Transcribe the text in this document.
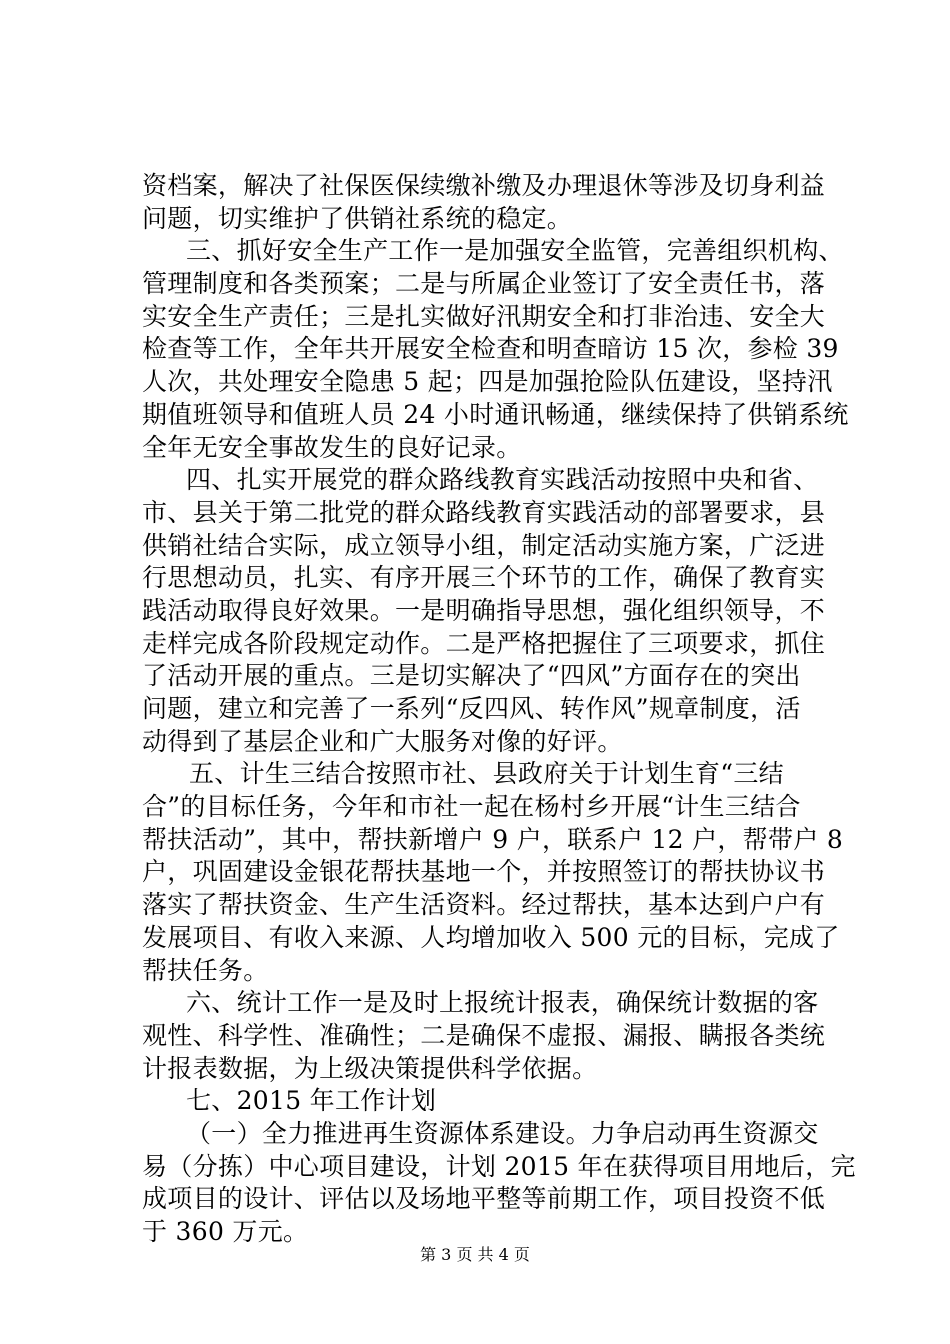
资档案，解决了社保医保续缴补缴及办理退休等涉及切身利益
问题，切实维护了供销社系统的稳定。
三、抓好安全生产工作一是加强安全监管，完善组织机构、
管理制度和各类预案；二是与所属企业签订了安全责任书，落
实安全生产责任；三是扎实做好汛期安全和打非治违、安全大
检查等工作，全年共开展安全检查和明查暗访 15 次，参检 39
人次，共处理安全隐患 5 起；四是加强抢险队伍建设，坚持汛
期值班领导和值班人员 24 小时通讯畅通，继续保持了供销系统
全年无安全事故发生的良好记录。
四、扎实开展党的群众路线教育实践活动按照中央和省、
市、县关于第二批党的群众路线教育实践活动的部署要求，县
供销社结合实际，成立领导小组，制定活动实施方案，广泛进
行思想动员，扎实、有序开展三个环节的工作，确保了教育实
践活动取得良好效果。一是明确指导思想，强化组织领导，不
走样完成各阶段规定动作。二是严格把握住了三项要求，抓住
了活动开展的重点。三是切实解决了“四风”方面存在的突出
问题，建立和完善了一系列“反四风、转作风”规章制度，活
动得到了基层企业和广大服务对像的好评。
五、计生三结合按照市社、县政府关于计划生育“三结
合”的目标任务，今年和市社一起在杨村乡开展“计生三结合
帮扶活动”，其中，帮扶新增户 9 户，联系户 12 户，帮带户 8
户，巩固建设金银花帮扶基地一个，并按照签订的帮扶协议书
落实了帮扶资金、生产生活资料。经过帮扶，基本达到户户有
发展项目、有收入来源、人均增加收入 500 元的目标，完成了
帮扶任务。
六、统计工作一是及时上报统计报表，确保统计数据的客
观性、科学性、准确性；二是确保不虚报、漏报、瞒报各类统
计报表数据，为上级决策提供科学依据。
七、2015 年工作计划
（一）全力推进再生资源体系建设。力争启动再生资源交
易（分拣）中心项目建设，计划 2015 年在获得项目用地后，完
成项目的设计、评估以及场地平整等前期工作，项目投资不低
于 360 万元。
第 3 页 共 4 页
